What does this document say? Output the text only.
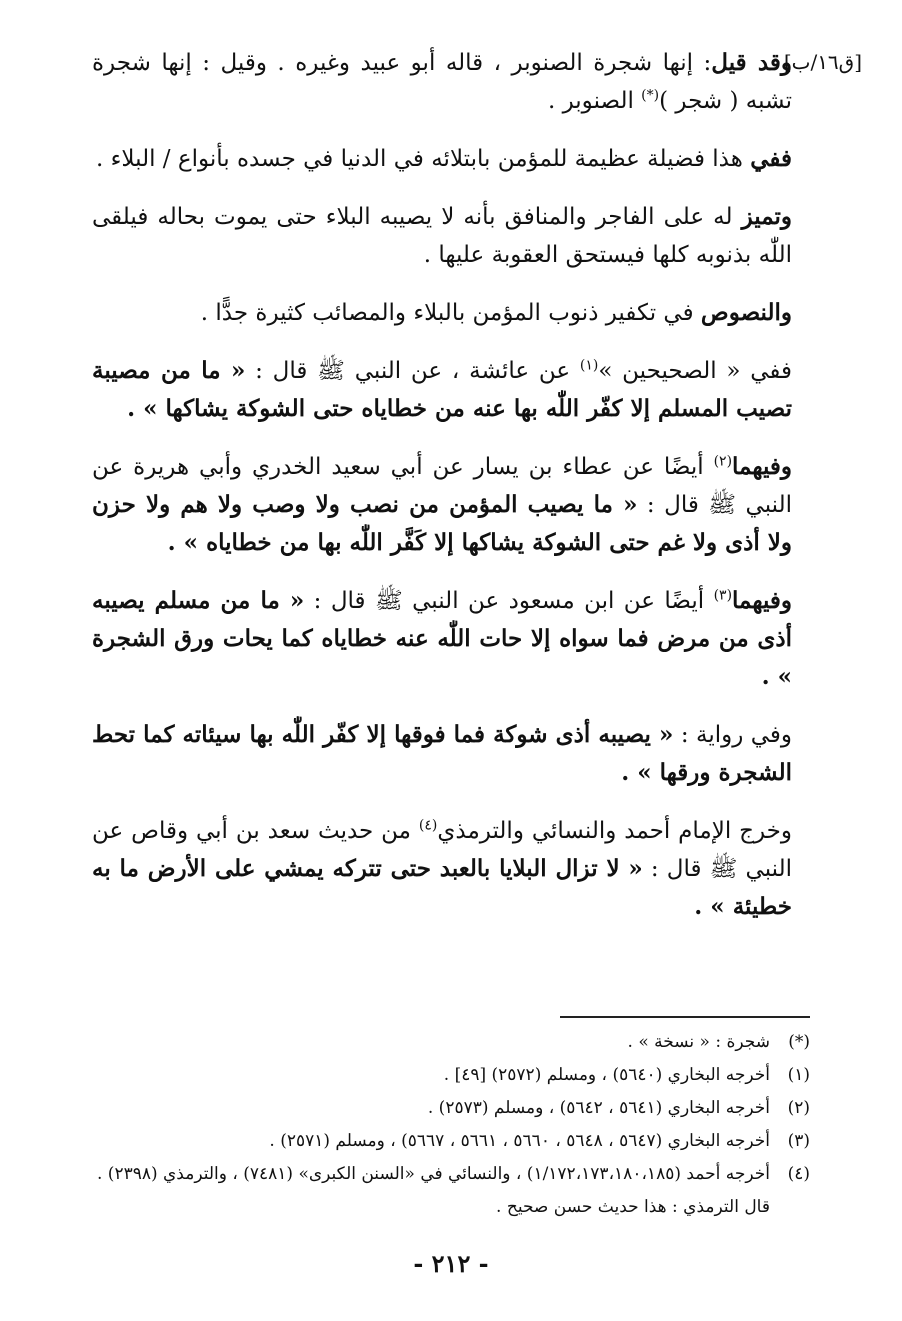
[ق١٦/ب]

وقد قيل: إنها شجرة الصنوبر ، قاله أبو عبيد وغيره . وقيل : إنها شجرة تشبه ( شجر )(*) الصنوبر .

ففي هذا فضيلة عظيمة للمؤمن بابتلائه في الدنيا في جسده بأنواع / البلاء .

وتميز له على الفاجر والمنافق بأنه لا يصيبه البلاء حتى يموت بحاله فيلقى اللّٰه بذنوبه كلها فيستحق العقوبة عليها .

والنصوص في تكفير ذنوب المؤمن بالبلاء والمصائب كثيرة جدًّا .

ففي « الصحيحين »$^{(١)}$ عن عائشة ، عن النبي ﷺ قال : « ما من مصيبة تصيب المسلم إلا كفّر اللّٰه بها عنه من خطاياه حتى الشوكة يشاكها » .

وفيهما$^{(٢)}$ أيضًا عن عطاء بن يسار عن أبي سعيد الخدري وأبي هريرة عن النبي ﷺ قال : « ما يصيب المؤمن من نصب ولا وصب ولا هم ولا حزن ولا أذى ولا غم حتى الشوكة يشاكها إلا كَفَّر اللّٰه بها من خطاياه » .

وفيهما$^{(٣)}$ أيضًا عن ابن مسعود عن النبي ﷺ قال : « ما من مسلم يصيبه أذى من مرض فما سواه إلا حات اللّٰه عنه خطاياه كما يحات ورق الشجرة » .

وفي رواية : « يصيبه أذى شوكة فما فوقها إلا كفّر اللّٰه بها سيئاته كما تحط الشجرة ورقها » .

وخرج الإمام أحمد والنسائي والترمذي$^{(٤)}$ من حديث سعد بن أبي وقاص عن النبي ﷺ قال : « لا تزال البلايا بالعبد حتى تتركه يمشي على الأرض ما به خطيئة » .

(*)
شجرة : « نسخة » .

(١)
أخرجه البخاري (٥٦٤٠) ، ومسلم (٢٥٧٢) [٤٩] .

(٢)
أخرجه البخاري (٥٦٤١ ، ٥٦٤٢) ، ومسلم (٢٥٧٣) .

(٣)
أخرجه البخاري (٥٦٤٧ ، ٥٦٤٨ ، ٥٦٦٠ ، ٥٦٦١ ، ٥٦٦٧) ، ومسلم (٢٥٧١) .

(٤)
أخرجه أحمد (١/١٧٢،١٧٣،١٨٠،١٨٥) ، والنسائي في «السنن الكبرى» (٧٤٨١) ، والترمذي (٢٣٩٨) . قال الترمذي : هذا حديث حسن صحيح .

- ٢١٢ -
